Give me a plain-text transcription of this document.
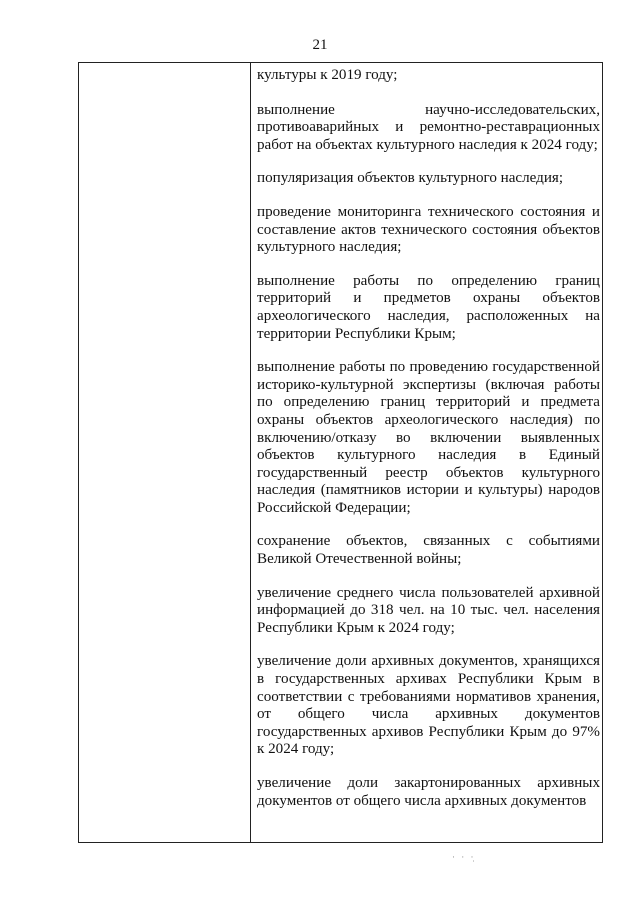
21

культуры к 2019 году;

выполнение научно-исследовательских, противоаварийных и ремонтно-реставрационных работ на объектах культурного наследия к 2024 году;

популяризация объектов культурного наследия;

проведение мониторинга технического состояния и составление актов технического состояния объектов культурного наследия;

выполнение работы по определению границ территорий и предметов охраны объектов археологического наследия, расположенных на территории Республики Крым;

выполнение работы по проведению государственной историко-культурной экспертизы (включая работы по определению границ территорий и предмета охраны объектов археологического наследия) по включению/отказу во включении выявленных объектов культурного наследия в Единый государственный реестр объектов культурного наследия (памятников истории и культуры) народов Российской Федерации;

сохранение объектов, связанных с событиями Великой Отечественной войны;

увеличение среднего числа пользователей архивной информацией до 318 чел. на 10 тыс. чел. населения Республики Крым к 2024 году;

увеличение доли архивных документов, хранящихся в государственных архивах Республики Крым в соответствии с требованиями нормативов хранения, от общего числа архивных документов государственных архивов Республики Крым до 97% к 2024 году;

увеличение доли закартонированных архивных документов от общего числа архивных документов

· · ·̣
